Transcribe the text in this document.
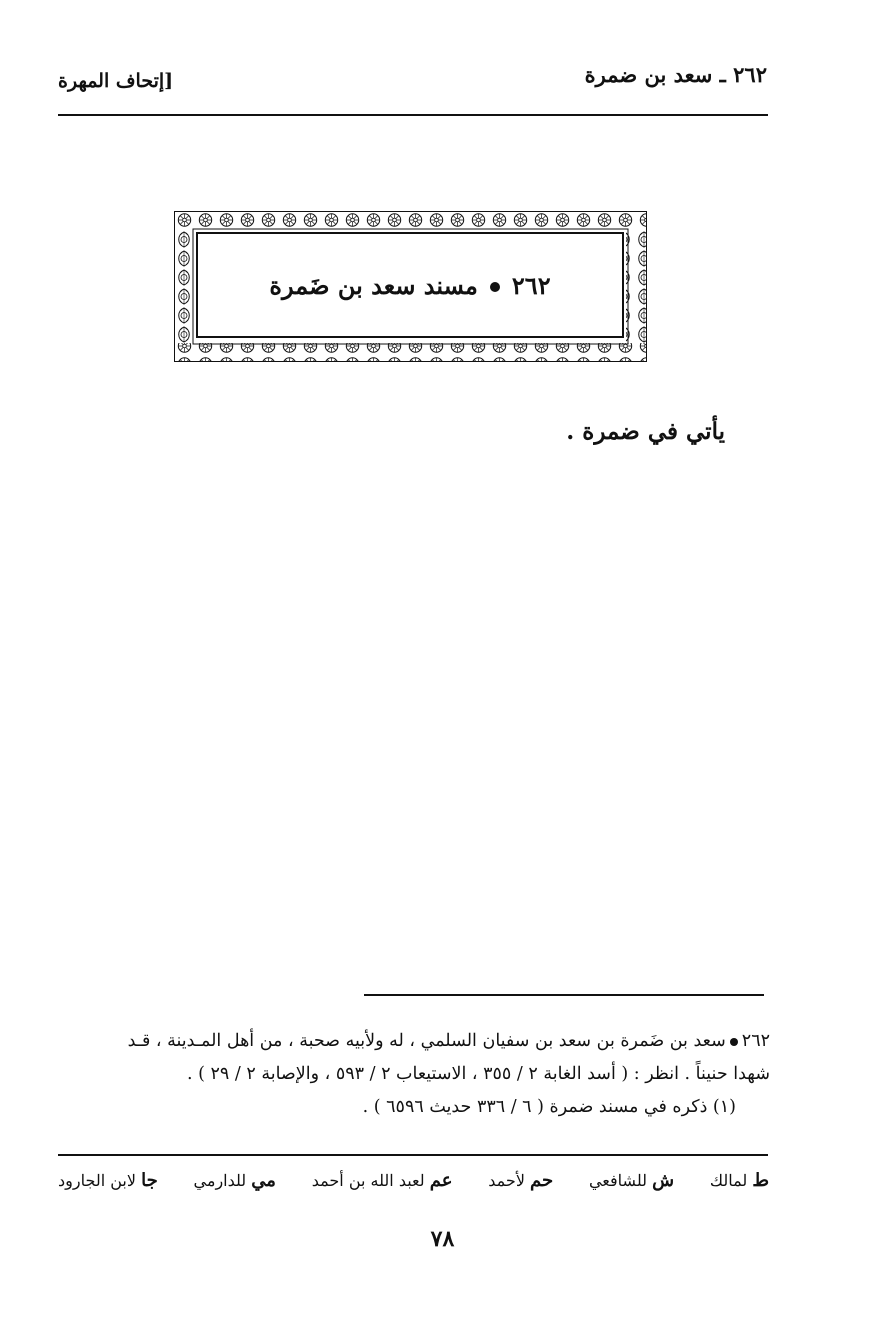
٢٦٢ ـ سعد بن ضمرة
[إتحاف المهرة
٢٦٢مسند سعد بن ضَمرة
يأتي في ضمرة .

٢٦٢سعد بن ضَمرة بن سعد بن سفيان السلمي ، له ولأبيه صحبة ، من أهل المـدينة ، قـد

شهدا حنيناً . انظر : ( أسد الغابة ٢ / ٣٥٥ ، الاستيعاب ٢ / ٥٩٣ ، والإصابة ٢ / ٢٩ ) .

(١) ذكره في مسند ضمرة ( ٦ / ٣٣٦ حديث ٦٥٩٦ ) .

ط لمالك
ش للشافعي
حم لأحمد
عم لعبد الله بن أحمد
مي للدارمي
جا لابن الجارود
٧٨
